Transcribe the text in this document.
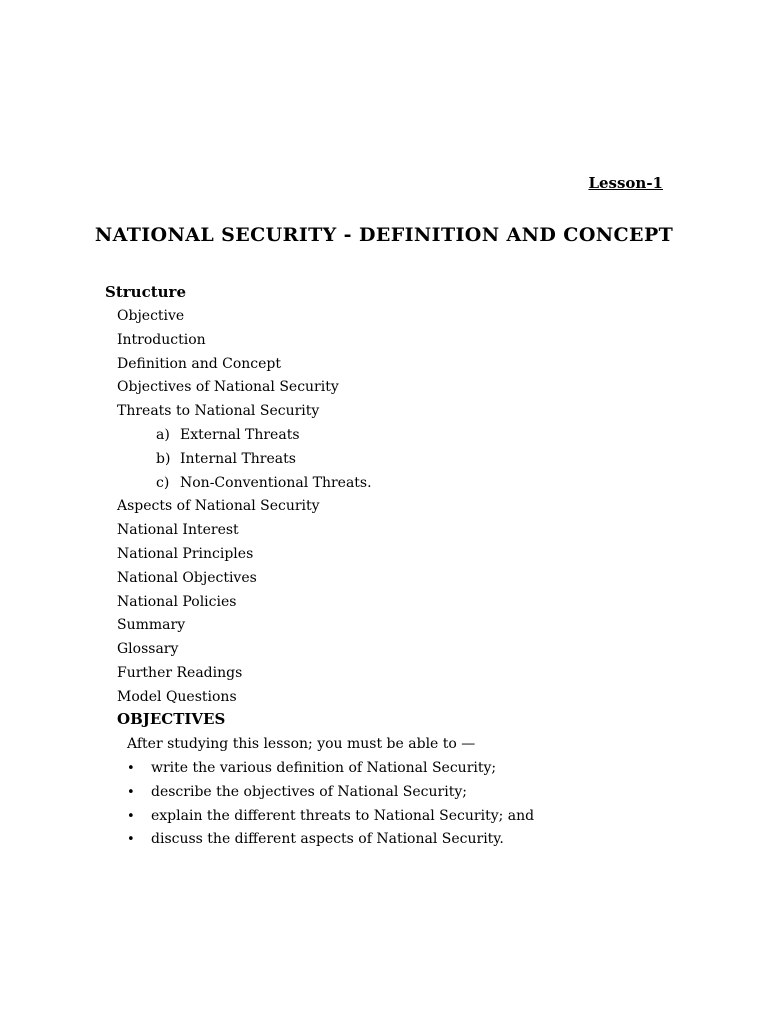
Lesson-1
NATIONAL SECURITY - DEFINITION AND CONCEPT
Structure
Objective
Introduction
Definition and Concept
Objectives of National Security
Threats to National Security
a) External Threats
b) Internal Threats
c) Non-Conventional Threats.
Aspects of National Security
National Interest
National Principles
National Objectives
National Policies
Summary
Glossary
Further Readings
Model Questions
OBJECTIVES
After studying this lesson; you must be able to —
• write the various definition of National Security;
• describe the objectives of National Security;
• explain the different threats to National Security; and
• discuss the different aspects of National Security.
